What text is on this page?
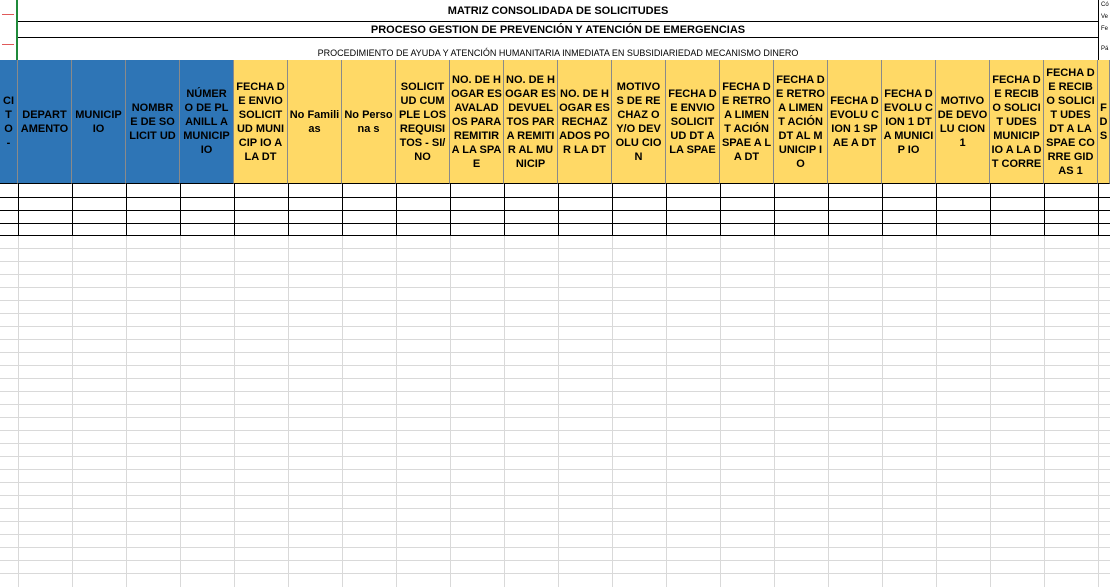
MATRIZ CONSOLIDADA DE SOLICITUDES
PROCESO GESTION DE PREVENCIÓN Y ATENCIÓN DE EMERGENCIAS
PROCEDIMIENTO DE AYUDA Y ATENCIÓN HUMANITARIA INMEDIATA EN SUBSIDIARIEDAD MECANISMO DINERO
Có
Ve
Fe
Pá
CI TO -
DEPART AMENTO
MUNICIP IO
NOMBR E DE SOLICIT UD
NÚMER O DE PLANILL A MUNICIP IO
FECHA DE ENVIO SOLICIT UD MUNICIP IO A LA DT
No Familias
No Persona s
SOLICIT UD CUMPLE LOS REQUISI TOS - SI/NO
NO. DE HOGAR ES AVALAD OS PARA REMITIR A LA SPAE
NO. DE HOGAR ES DEVUEL TOS PARA REMITIR AL MUNICIP
NO. DE HOGAR ES RECHAZ ADOS POR LA DT
MOTIVO S DE RECHAZ O Y/O DEVOLU CION
FECHA DE ENVIO SOLICIT UD DT A LA SPAE
FECHA DE RETROA LIMENT ACIÓN SPAE A LA DT
FECHA DE RETROA LIMENT ACIÓN DT AL MUNICIP IO
FECHA DEVOLU CION 1 SPAE A DT
FECHA DEVOLU CION 1 DT A MUNICIP IO
MOTIVO DE DEVOLU CION 1
FECHA DE RECIBO SOLICIT UDES MUNICIP IO A LA DT CORRE
FECHA DE RECIBO SOLICIT UDES DT A LA SPAE CORRE GIDAS 1
F D S
